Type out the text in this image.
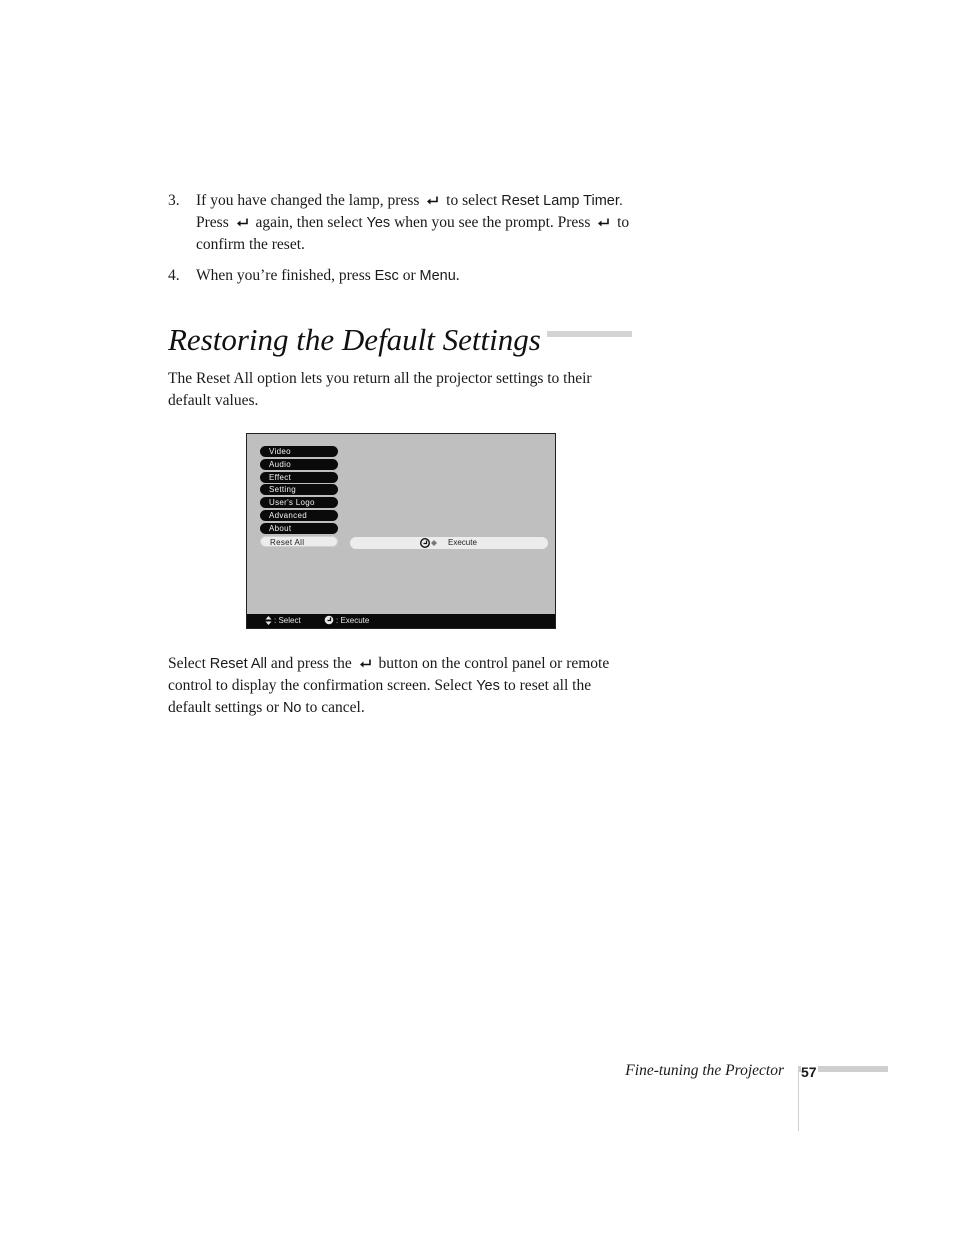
3. If you have changed the lamp, press to select Reset Lamp Timer. Press again, then select Yes when you see the prompt. Press to confirm the reset.
4. When you’re finished, press Esc or Menu.
Restoring the Default Settings

The Reset All option lets you return all the projector settings to their default values.

Video
Audio
Effect
Setting
User's Logo
Advanced
About
Reset All	Execute
: Select	: Execute

Select Reset All and press the button on the control panel or remote control to display the confirmation screen. Select Yes to reset all the default settings or No to cancel.

Fine-tuning the Projector 57
